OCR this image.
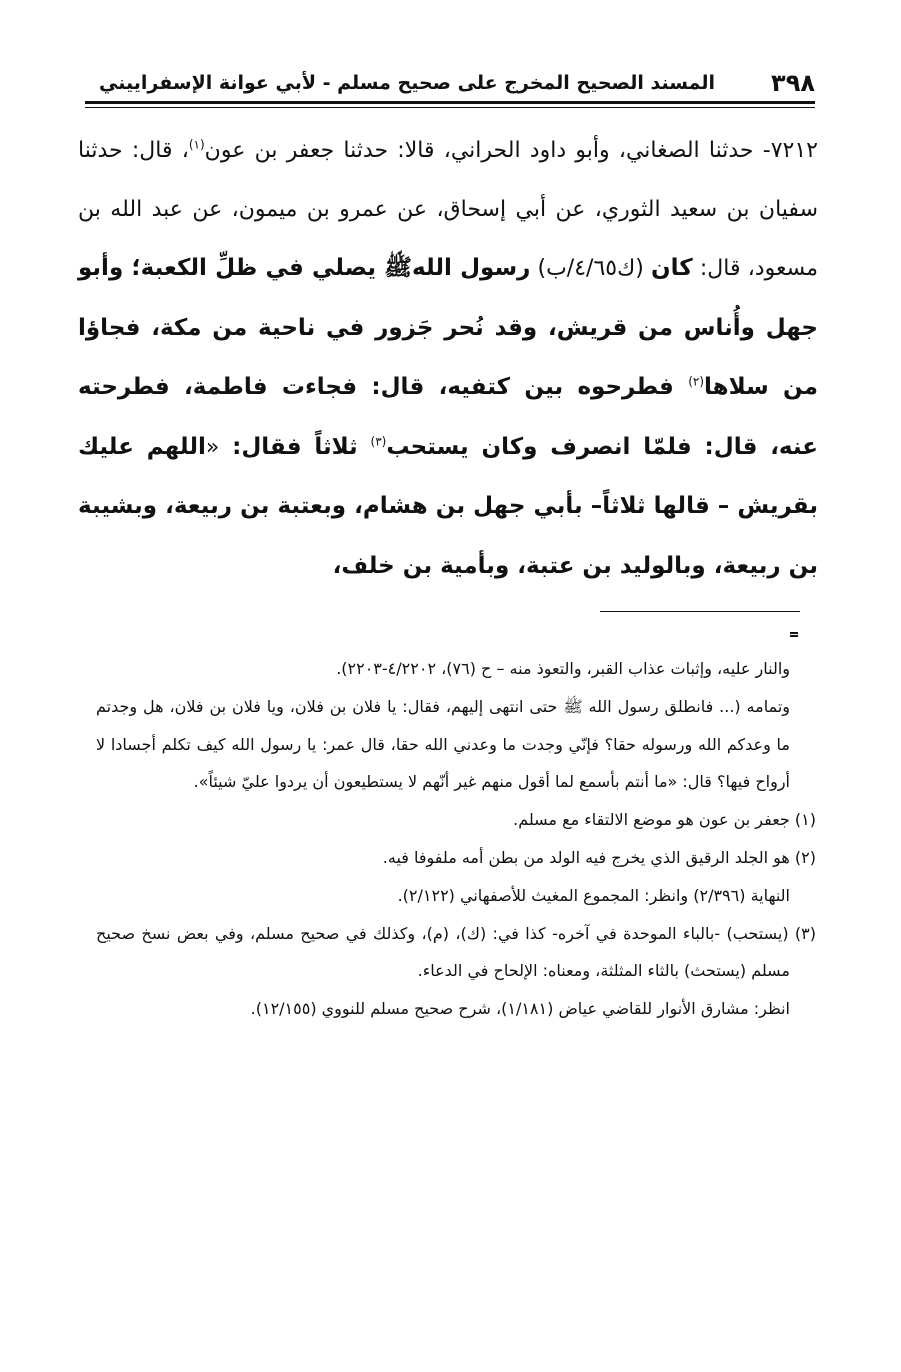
٣٩٨
المسند الصحيح المخرج على صحيح مسلم - لأبي عوانة الإسفراييني

٧٢١٢- حدثنا الصغاني، وأبو داود الحراني، قالا: حدثنا جعفر بن عون$^{(١)}$، قال: حدثنا سفيان بن سعيد الثوري، عن أبي إسحاق، عن عمرو بن ميمون، عن عبد الله بن مسعود، قال: كان (ك٤/٦٥/ب) رسول اللهﷺ يصلي في ظلِّ الكعبة؛ وأبو جهل وأُناس من قريش، وقد نُحر جَزور في ناحية من مكة، فجاؤا من سلاها$^{(٢)}$ فطرحوه بين كتفيه، قال: فجاءت فاطمة، فطرحته عنه، قال: فلمّا انصرف وكان يستحب$^{(٣)}$ ثلاثاً فقال: «اللهم عليك بقريش – قالها ثلاثاً– بأبي جهل بن هشام، وبعتبة بن ربيعة، وبشيبة بن ربيعة، وبالوليد بن عتبة، وبأمية بن خلف،

والنار عليه، وإثبات عذاب القبر، والتعوذ منه – ح (٧٦)، ٤/٢٢٠٢-٢٢٠٣).

وتمامه (... فانطلق رسول الله ﷺ حتى انتهى إليهم، فقال: يا فلان بن فلان، ويا فلان بن فلان، هل وجدتم ما وعدكم الله ورسوله حقا؟ فإنّي وجدت ما وعدني الله حقا، قال عمر: يا رسول الله كيف تكلم أجسادا لا أرواح فيها؟ قال: «ما أنتم بأسمع لما أقول منهم غير أنّهم لا يستطيعون أن يردوا عليّ شيئاً».

(١) جعفر بن عون هو موضع الالتقاء مع مسلم.

(٢) هو الجلد الرقيق الذي يخرج فيه الولد من بطن أمه ملفوفا فيه.

النهاية (٢/٣٩٦) وانظر: المجموع المغيث للأصفهاني (٢/١٢٢).

(٣) (يستحب) -بالباء الموحدة في آخره- كذا في: (ك)، (م)، وكذلك في صحيح مسلم، وفي بعض نسخ صحيح مسلم (يستحث) بالثاء المثلثة، ومعناه: الإلحاح في الدعاء.

انظر: مشارق الأنوار للقاضي عياض (١/١٨١)، شرح صحيح مسلم للنووي (١٢/١٥٥).
